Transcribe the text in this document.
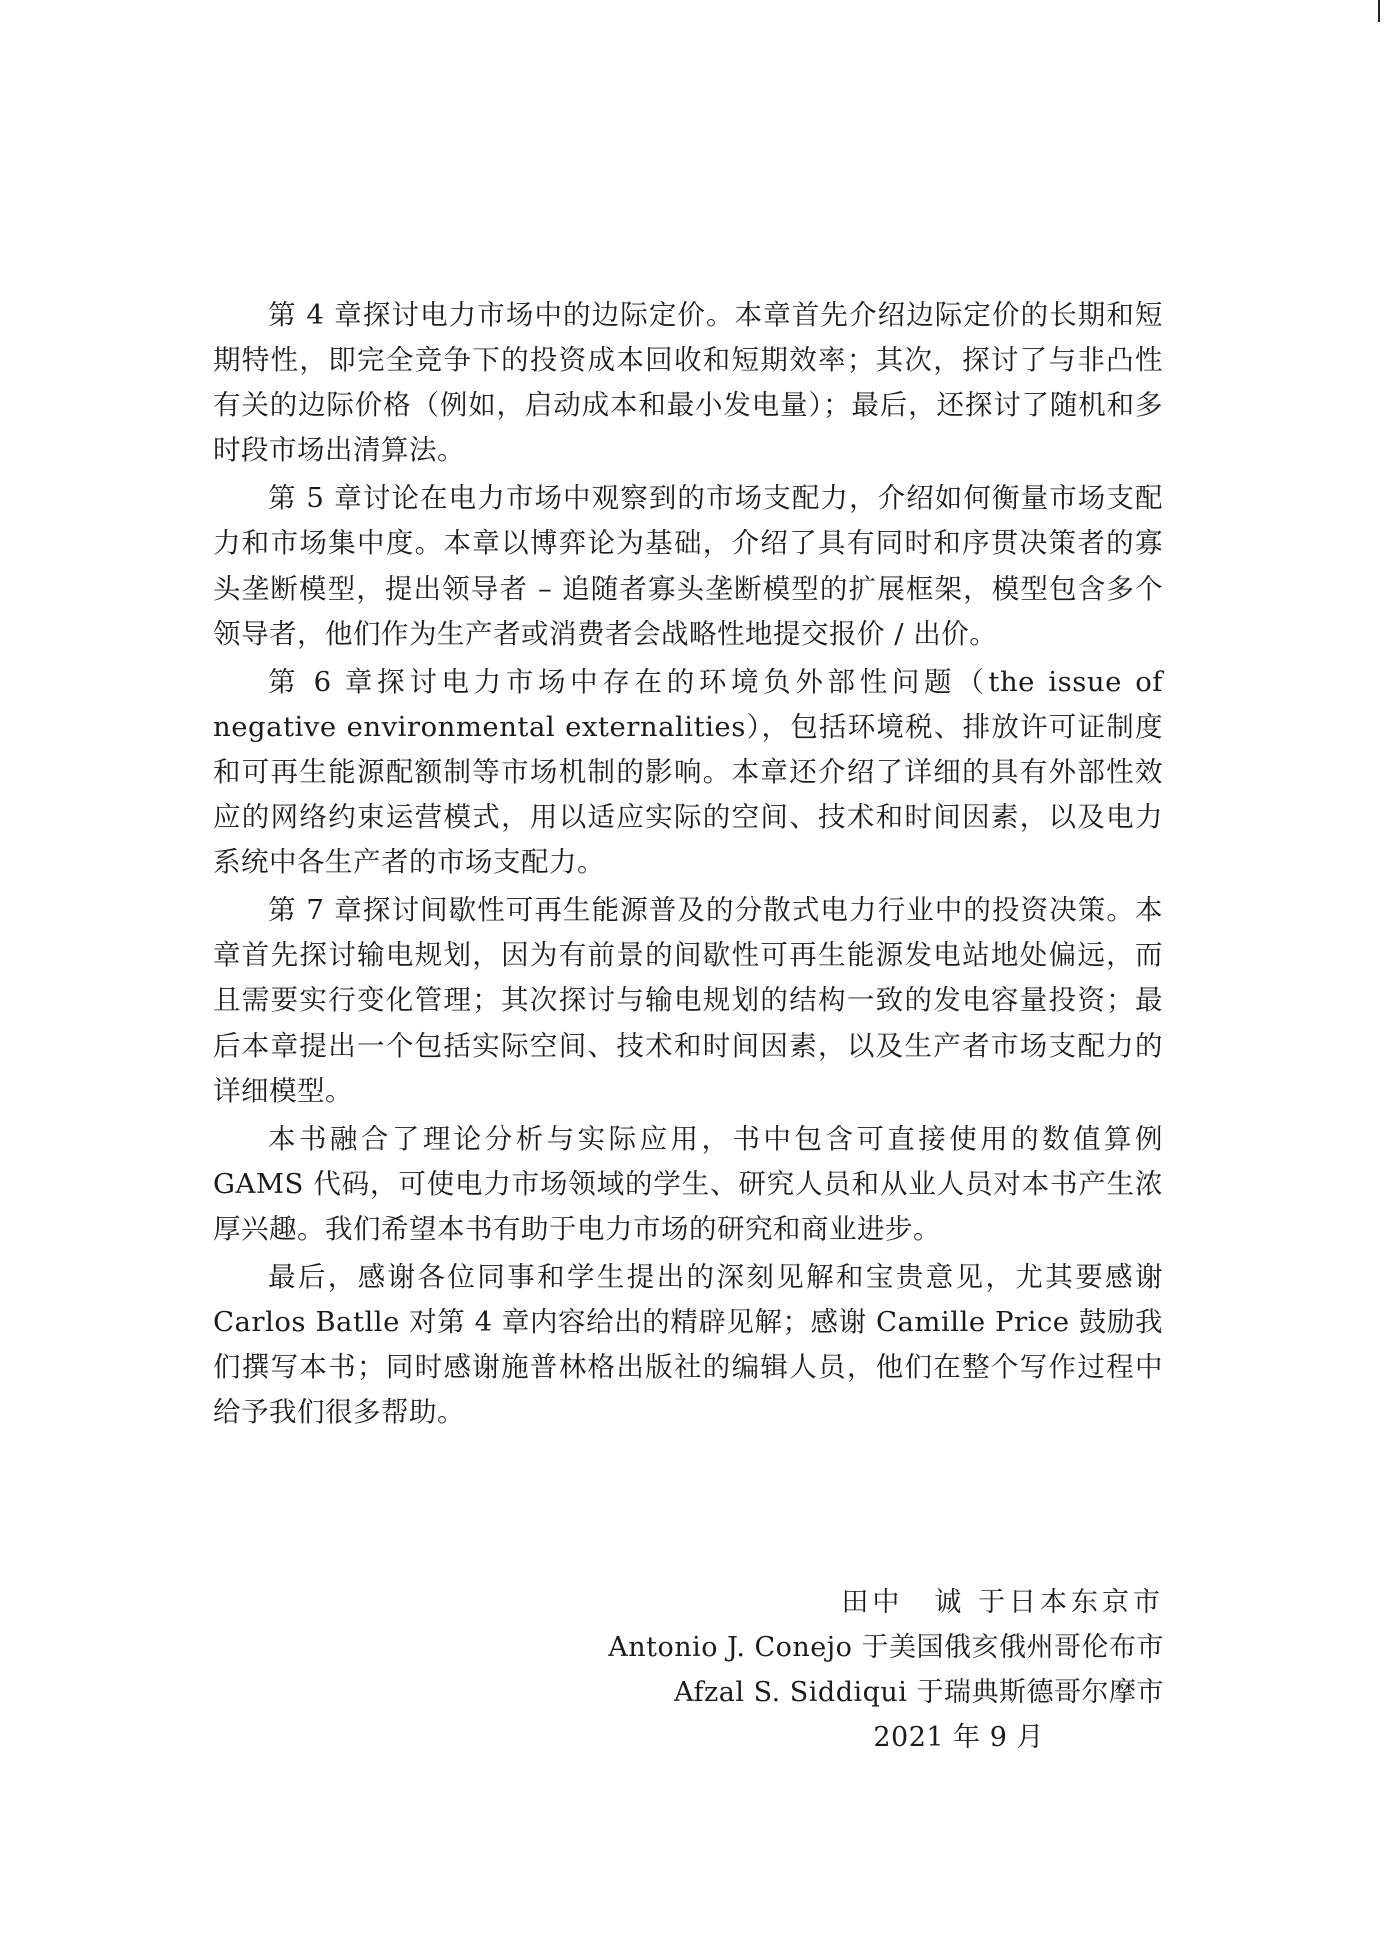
第 4 章探讨电力市场中的边际定价。本章首先介绍边际定价的长期和短期特性，即完全竞争下的投资成本回收和短期效率；其次，探讨了与非凸性有关的边际价格（例如，启动成本和最小发电量）；最后，还探讨了随机和多时段市场出清算法。

第 5 章讨论在电力市场中观察到的市场支配力，介绍如何衡量市场支配力和市场集中度。本章以博弈论为基础，介绍了具有同时和序贯决策者的寡头垄断模型，提出领导者 – 追随者寡头垄断模型的扩展框架，模型包含多个领导者，他们作为生产者或消费者会战略性地提交报价 / 出价。

第 6 章探讨电力市场中存在的环境负外部性问题（the issue of negative environmental externalities），包括环境税、排放许可证制度和可再生能源配额制等市场机制的影响。本章还介绍了详细的具有外部性效应的网络约束运营模式，用以适应实际的空间、技术和时间因素，以及电力系统中各生产者的市场支配力。

第 7 章探讨间歇性可再生能源普及的分散式电力行业中的投资决策。本章首先探讨输电规划，因为有前景的间歇性可再生能源发电站地处偏远，而且需要实行变化管理；其次探讨与输电规划的结构一致的发电容量投资；最后本章提出一个包括实际空间、技术和时间因素，以及生产者市场支配力的详细模型。

本书融合了理论分析与实际应用，书中包含可直接使用的数值算例 GAMS 代码，可使电力市场领域的学生、研究人员和从业人员对本书产生浓厚兴趣。我们希望本书有助于电力市场的研究和商业进步。

最后，感谢各位同事和学生提出的深刻见解和宝贵意见，尤其要感谢 Carlos Batlle 对第 4 章内容给出的精辟见解；感谢 Camille Price 鼓励我们撰写本书；同时感谢施普林格出版社的编辑人员，他们在整个写作过程中给予我们很多帮助。

田中　诚 于日本东京市
Antonio J. Conejo 于美国俄亥俄州哥伦布市
Afzal S. Siddiqui 于瑞典斯德哥尔摩市
2021 年 9 月
